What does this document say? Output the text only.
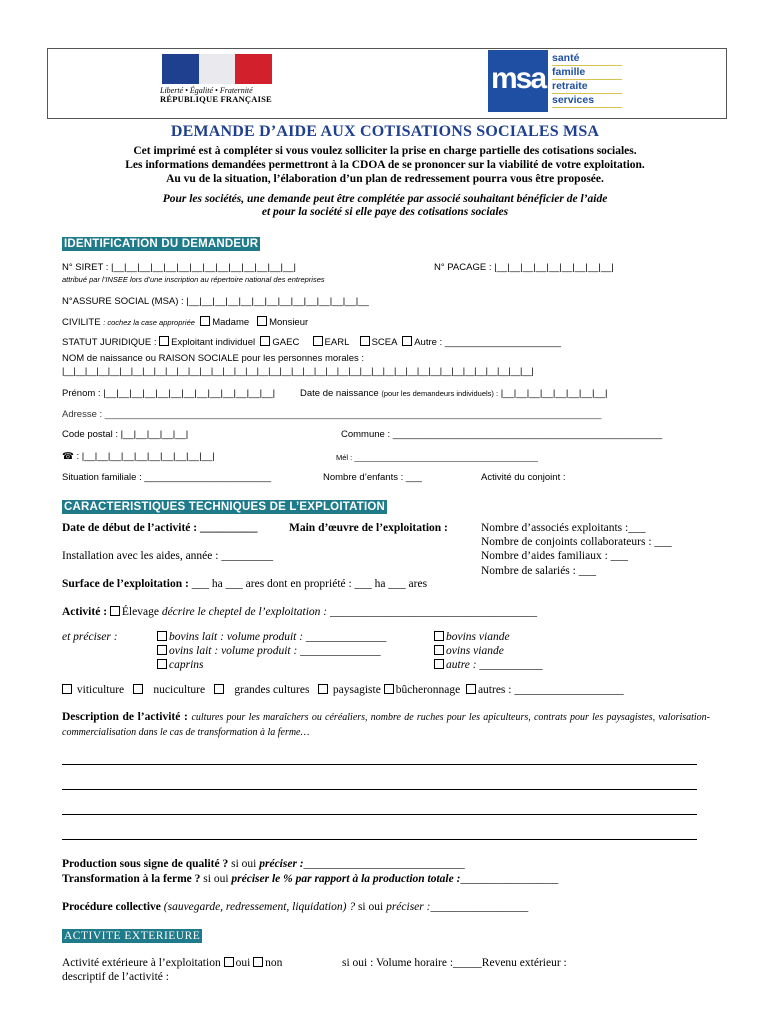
Liberté • Égalité • Fraternité
RÉPUBLIQUE FRANÇAISE
msa
santé
famille
retraite
services
DEMANDE D’AIDE AUX COTISATIONS SOCIALES MSA
Cet imprimé est à compléter si vous voulez solliciter la prise en charge partielle des cotisations sociales.
Les informations demandées permettront à la CDOA de se prononcer sur la viabilité de votre exploitation.
Au vu de la situation, l’élaboration d’un plan de redressement pourra vous être proposée.
Pour les sociétés, une demande peut être complétée par associé souhaitant bénéficier de l’aide
et pour la société si elle paye des cotisations sociales
IDENTIFICATION DU DEMANDEUR
N° SIRET : |__|__|__|__|__|__|__|__|__|__|__|__|__|__|
attribué par l’INSEE lors d’une inscription au répertoire national des entreprises
N° PACAGE : |__|__|__|__|__|__|__|__|__|
N°ASSURE SOCIAL (MSA) : |__|__|__|__|__|__|__|__|__|__|__|__|__|__
CIVILITE : cochez la case appropriée Madame Monsieur
STATUT JURIDIQUE : Exploitant individuel GAEC	EARL SCEA Autre : ______________________
NOM de naissance ou RAISON SOCIALE pour les personnes morales :
|__|__|__|__|__|__|__|__|__|__|__|__|__|__|__|__|__|__|__|__|__|__|__|__|__|__|__|__|__|__|__|__|__|__|__|__|__|__|__|__|__|
Prénom : |__|__|__|__|__|__|__|__|__|__|__|__|__|	Date de naissance (pour les demandeurs individuels) : |__|__|__|__|__|__|__|__|
Adresse : ______________________________________________________________________________________________
Code postal : |__|__|__|__|__|	Commune : ___________________________________________________
☎ : |__|__|__|__|__|__|__|__|__|__|	Mél : ____________________________________________
Situation familiale : ________________________	Nombre d’enfants : ___	Activité du conjoint :
CARACTERISTIQUES TECHNIQUES DE L’EXPLOITATION
Date de début de l’activité : __________	Main d’œuvre de l’exploitation :	Nombre d’associés exploitants :___
Nombre de conjoints collaborateurs : ___
Nombre d’aides familiaux : ___
Nombre de salariés : ___
Installation avec les aides, année : _________
Surface de l’exploitation : ___ ha ___ ares dont en propriété : ___ ha ___ ares
Activité : Élevage décrire le cheptel de l’exploitation : ____________________________________
et préciser :	bovins lait : volume produit : ______________
ovins lait : volume produit : ______________
caprins
bovins viande
ovins viande
autre : ___________
viticulture	nuciculture	grandes cultures paysagiste bûcheronnage autres : ___________________
Description de l’activité : cultures pour les maraîchers ou céréaliers, nombre de ruches pour les apiculteurs, contrats pour les paysagistes, valorisation-commercialisation dans le cas de transformation à la ferme…
Production sous signe de qualité ? si oui préciser :____________________________
Transformation à la ferme ? si oui préciser le % par rapport à la production totale :_________________
Procédure collective (sauvegarde, redressement, liquidation) ? si oui préciser :_________________
ACTIVITE EXTERIEURE
Activité extérieure à l’exploitation oui non	si oui : Volume horaire :_____Revenu extérieur :
descriptif de l’activité :
